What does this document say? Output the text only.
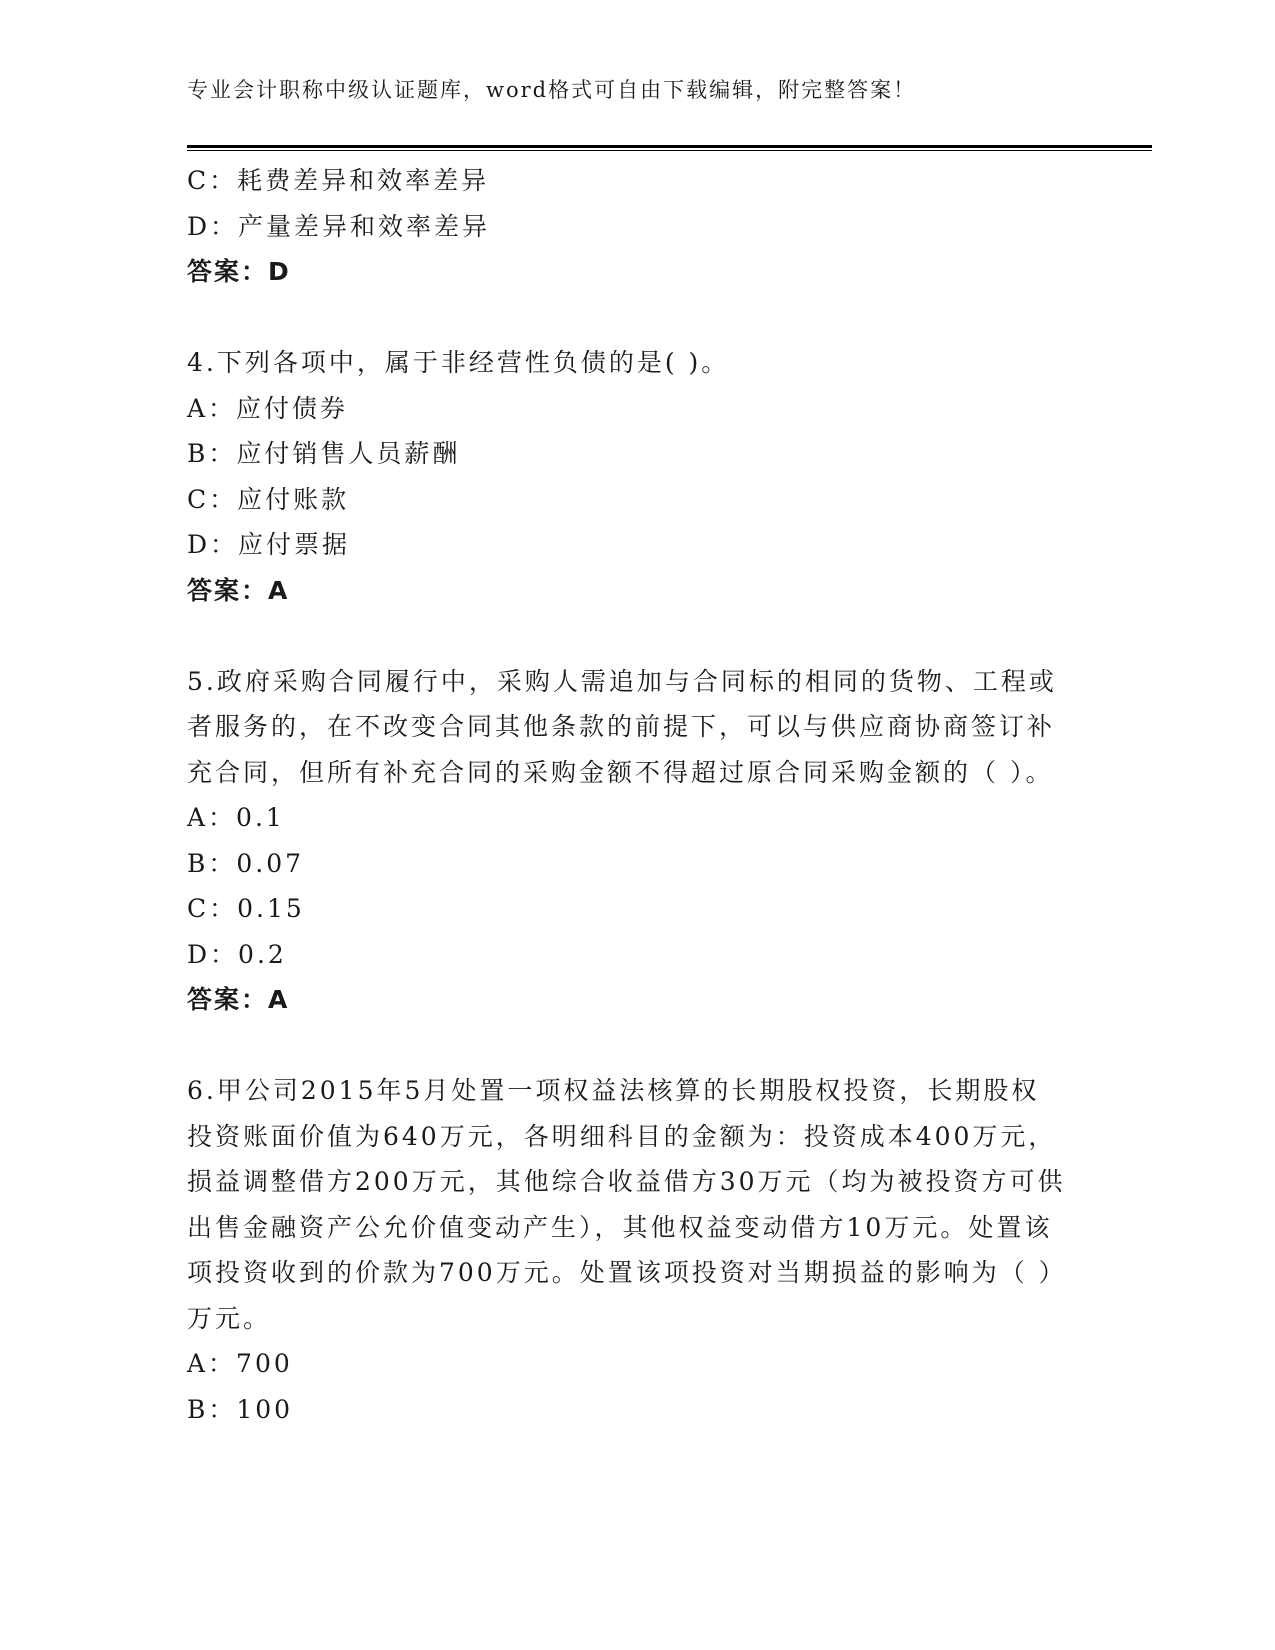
专业会计职称中级认证题库，word格式可自由下载编辑，附完整答案！
C：耗费差异和效率差异
D：产量差异和效率差异
答案：D
4.下列各项中，属于非经营性负债的是( )。
A：应付债券
B：应付销售人员薪酬
C：应付账款
D：应付票据
答案：A
5.政府采购合同履行中，采购人需追加与合同标的相同的货物、工程或者服务的，在不改变合同其他条款的前提下，可以与供应商协商签订补充合同，但所有补充合同的采购金额不得超过原合同采购金额的（ ）。
A：0.1
B：0.07
C：0.15
D：0.2
答案：A
6.甲公司2015年5月处置一项权益法核算的长期股权投资，长期股权投资账面价值为640万元，各明细科目的金额为：投资成本400万元，损益调整借方200万元，其他综合收益借方30万元（均为被投资方可供出售金融资产公允价值变动产生），其他权益变动借方10万元。处置该项投资收到的价款为700万元。处置该项投资对当期损益的影响为（ ）万元。
A：700
B：100
